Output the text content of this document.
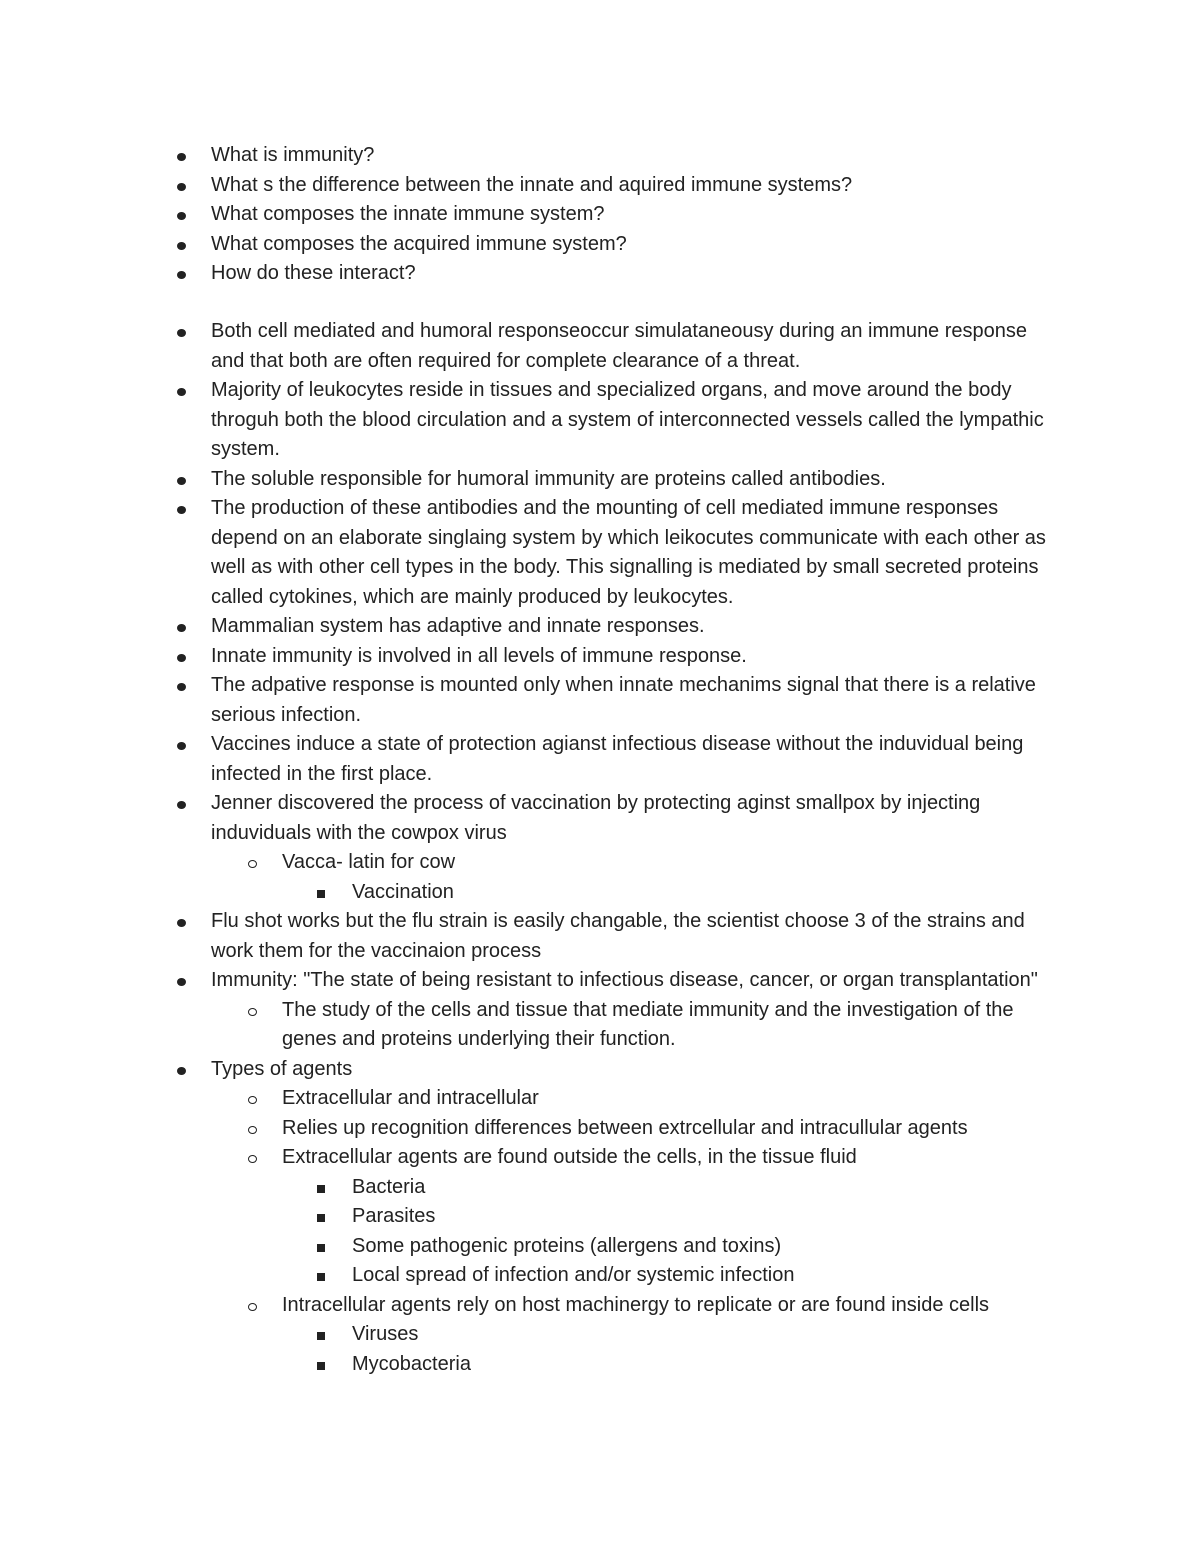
What is immunity?
What s the difference between the innate and aquired immune systems?
What composes the innate immune system?
What composes the acquired immune system?
How do these interact?
Both cell mediated and humoral responseoccur simulataneousy during an immune response and that both are often required for complete clearance of a threat.
Majority of leukocytes reside in tissues and specialized organs, and move around the body throguh both the blood circulation and a system of interconnected vessels called the lympathic system.
The soluble responsible for humoral immunity are proteins called antibodies.
The production of these antibodies and the mounting of cell mediated immune responses depend on an elaborate singlaing system by which leikocutes communicate with each other as well as with other cell types in the body. This signalling is mediated by small secreted proteins called cytokines, which are mainly produced by leukocytes.
Mammalian system has adaptive and innate responses.
Innate immunity is involved in all levels of immune response.
The adpative response is mounted only when innate mechanims signal that there is a relative serious infection.
Vaccines induce a state of protection agianst infectious disease without the induvidual being infected in the first place.
Jenner discovered the process of vaccination by protecting aginst smallpox by injecting induviduals with the cowpox virus
Vacca- latin for cow
Vaccination
Flu shot works but the flu strain is easily changable, the scientist choose 3 of the strains and work them for the vaccinaion process
Immunity: "The state of being resistant to infectious disease, cancer, or organ transplantation"
The study of the cells and tissue that mediate immunity and the investigation of the genes and proteins underlying their function.
Types of agents
Extracellular and intracellular
Relies up recognition differences between extrcellular and intracullular agents
Extracellular agents are found outside the cells, in the tissue fluid
Bacteria
Parasites
Some pathogenic proteins (allergens and toxins)
Local spread of infection and/or systemic infection
Intracellular agents rely on host machinergy to replicate or are found inside cells
Viruses
Mycobacteria
